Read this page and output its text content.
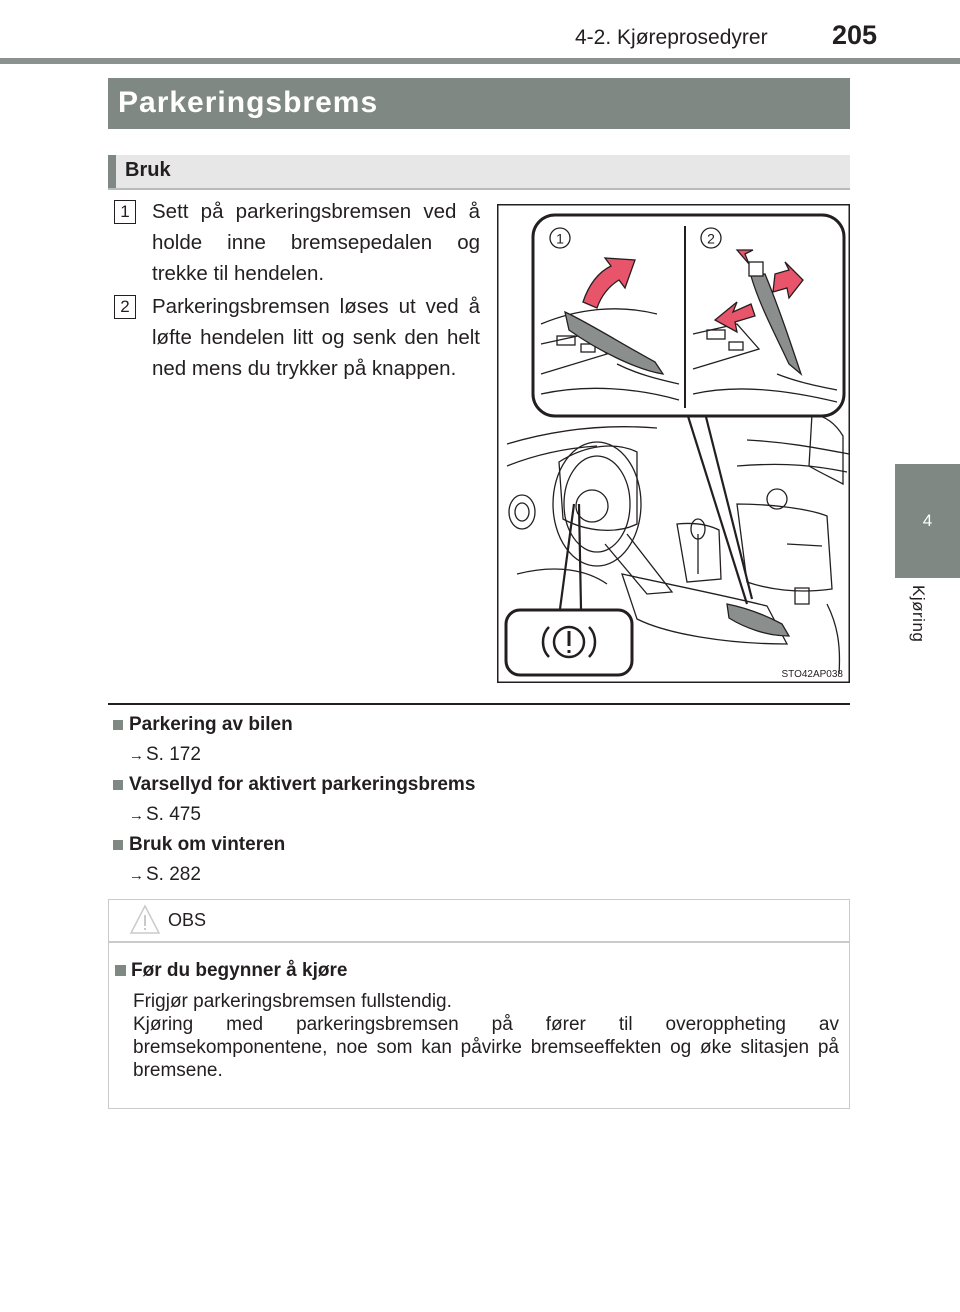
4-2. Kjøreprosedyrer 205
4
Kjøring
Parkeringsbrems
Bruk
1	Sett på parkeringsbremsen ved å holde inne bremsepedalen og trekke til hendelen.
2	Parkeringsbremsen løses ut ved å løfte hendelen litt og senk den helt ned mens du trykker på knappen.
1	2
STO42AP038
Parkering av bilen
→ S. 172
Varsellyd for aktivert parkeringsbrems
→ S. 475
Bruk om vinteren
→ S. 282
OBS
Før du begynner å kjøre

Frigjør parkeringsbremsen fullstendig.

Kjøring med parkeringsbremsen på fører til overoppheting av bremsekomponentene, noe som kan påvirke bremseeffekten og øke slitasjen på bremsene.
